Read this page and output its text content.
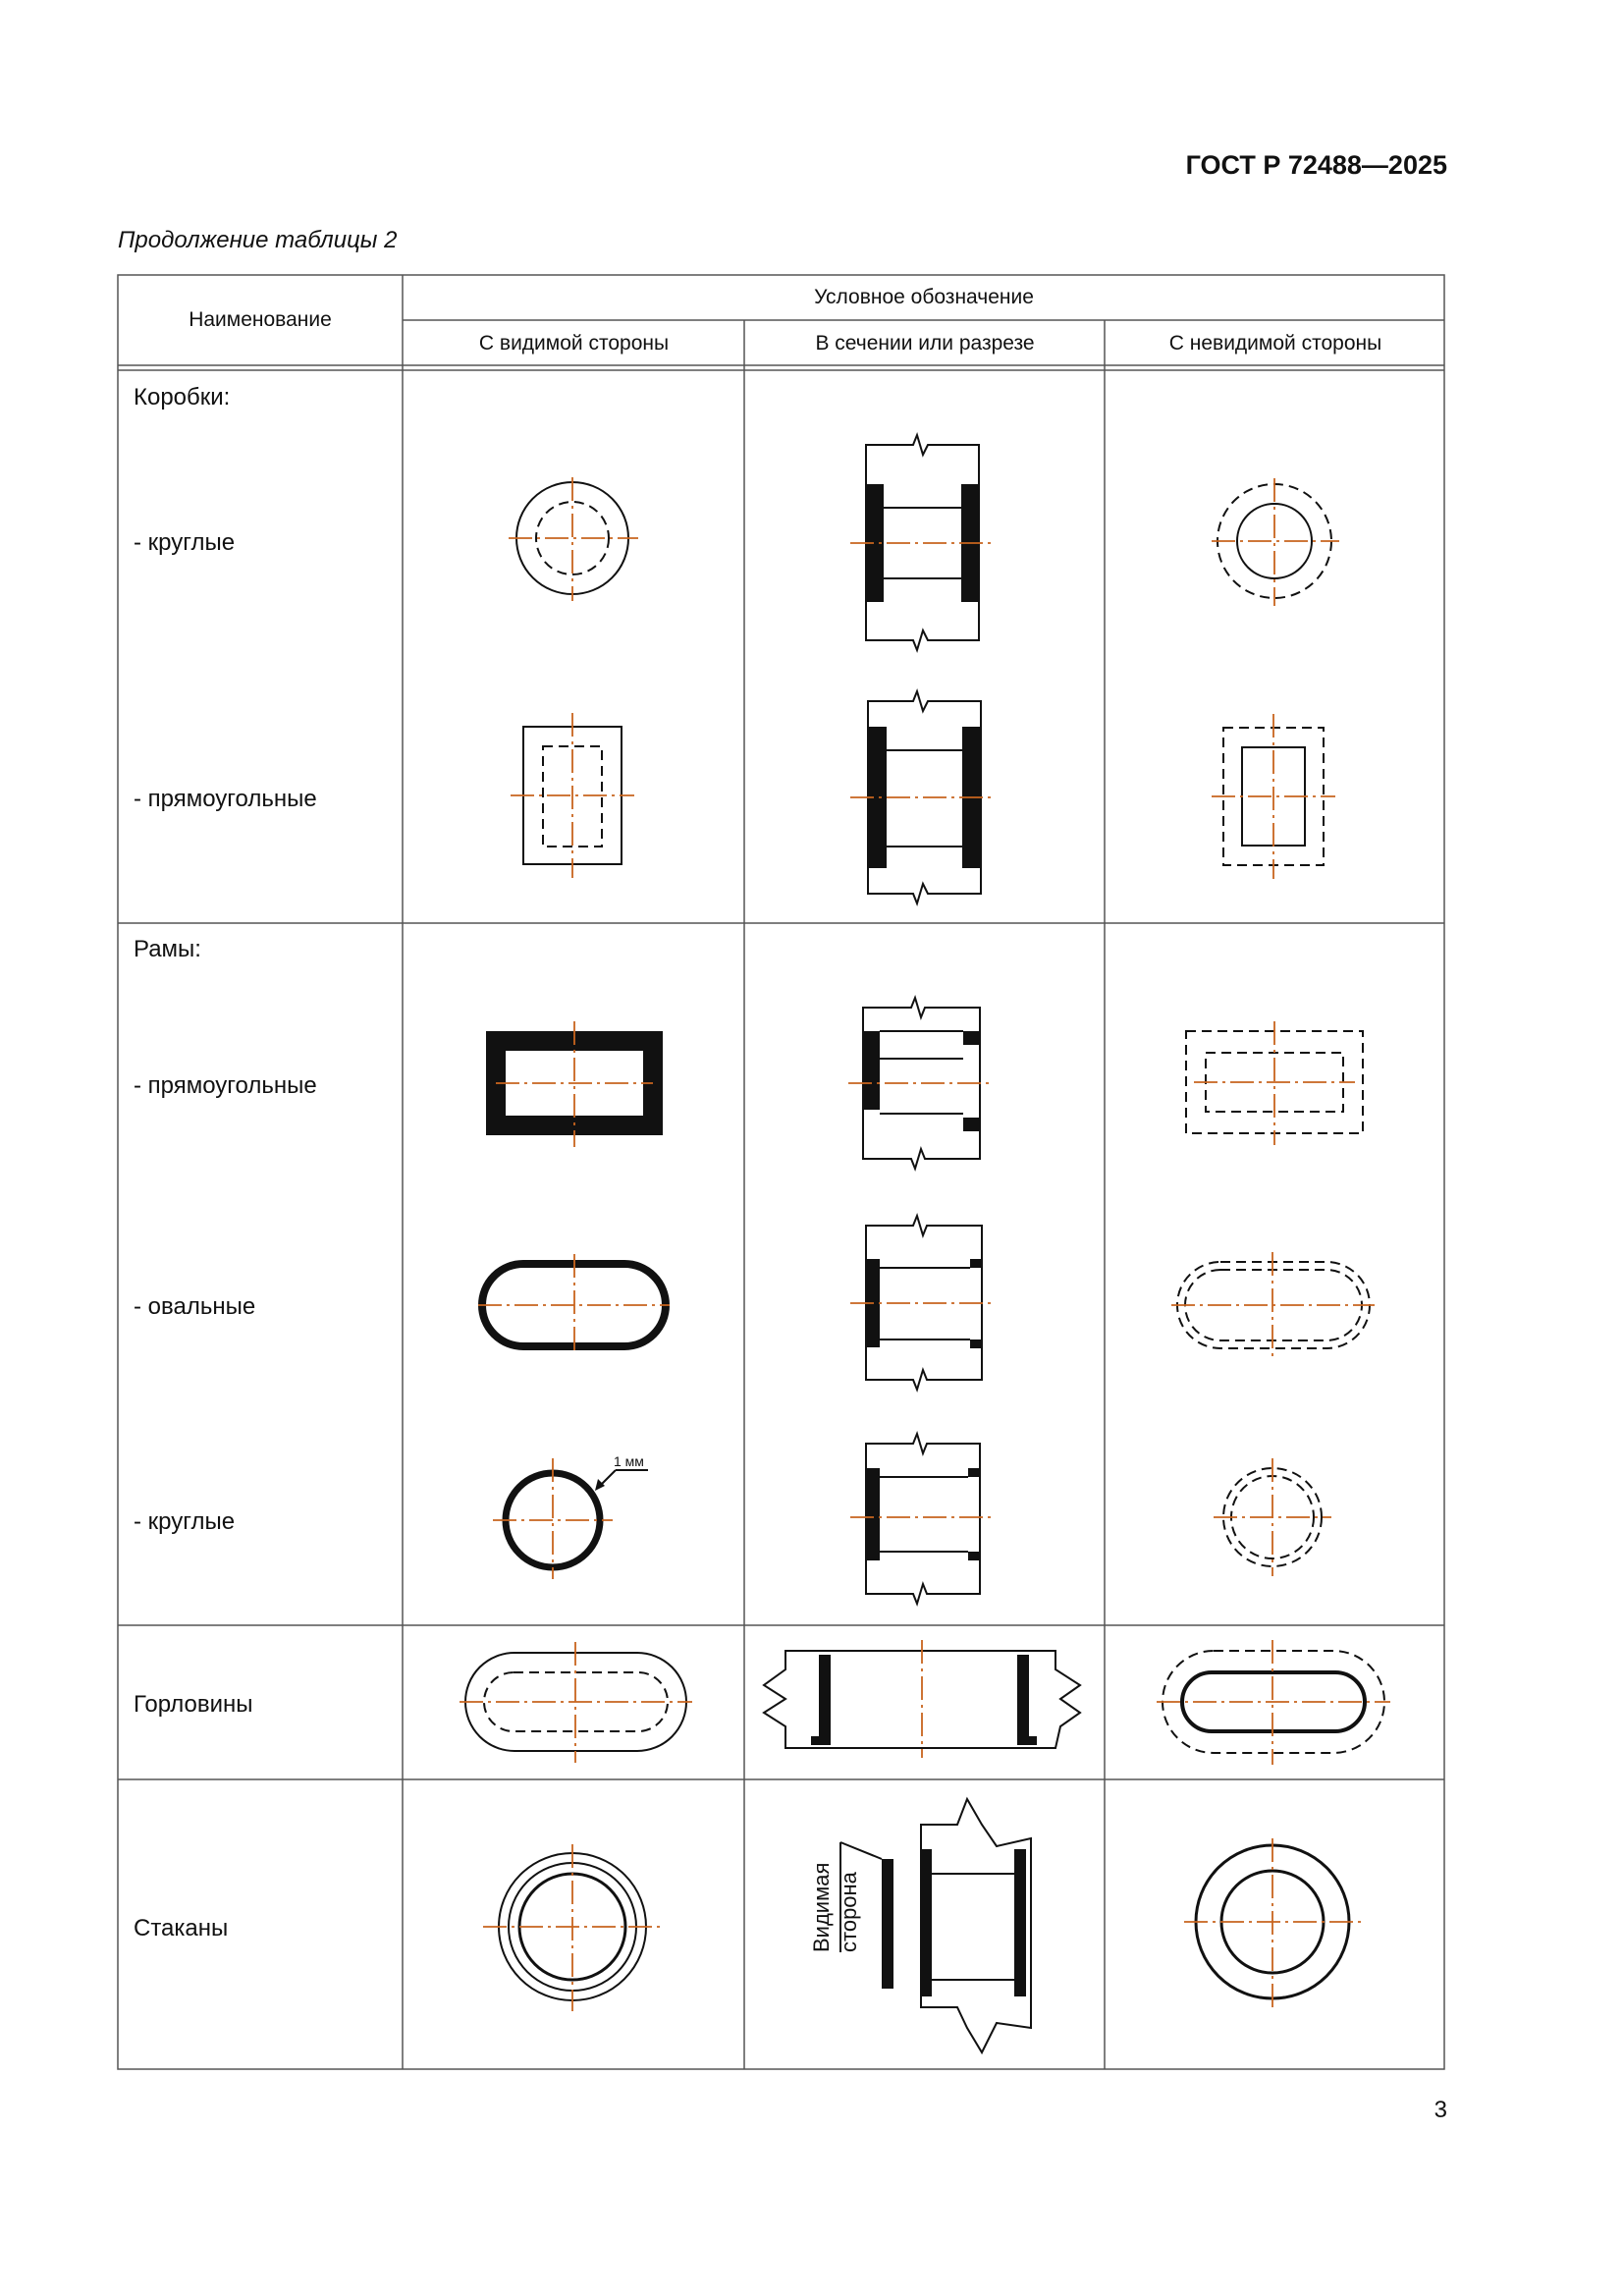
ГОСТ Р 72488—2025
Продолжение таблицы 2
Наименование
Условное обозначение
С видимой стороны	В сечении или разрезе	С невидимой стороны
Коробки:
- круглые
- прямоугольные
Рамы:
- прямоугольные
- овальные
- круглые
Горловины
Стаканы
3
1 мм
Видимая сторона
